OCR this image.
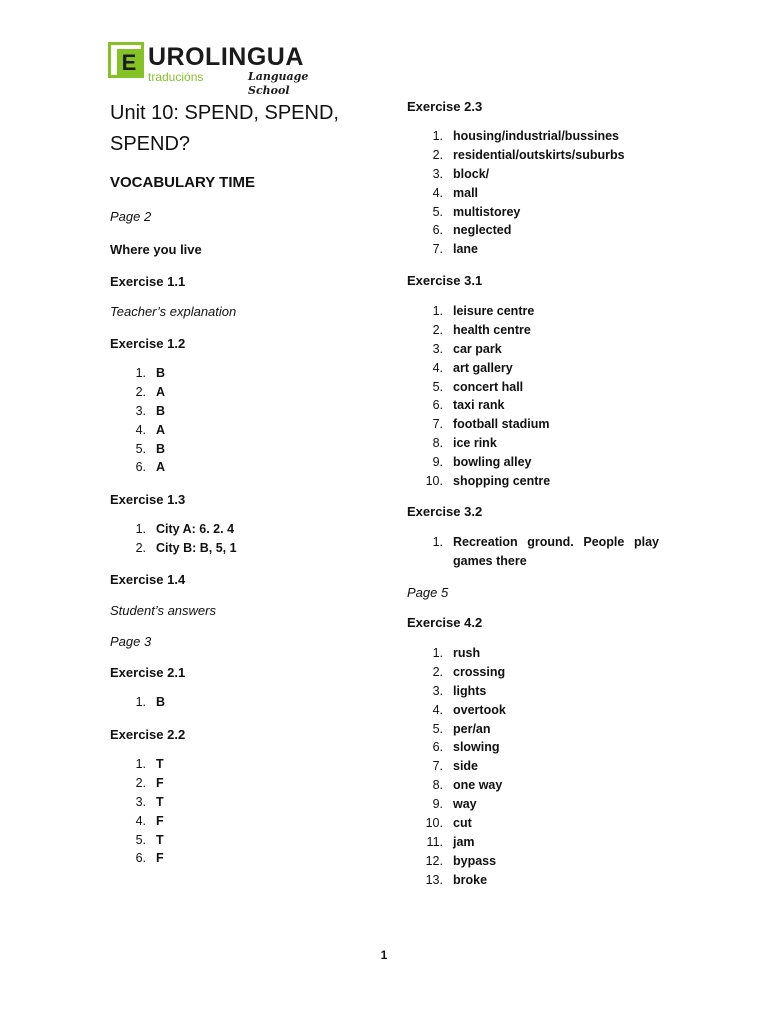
E UROLINGUA
traducións	Language School
Unit 10: SPEND, SPEND, SPEND?
VOCABULARY TIME
Page 2
Where you live
Exercise 1.1
Teacher’s explanation
Exercise 1.2
1. B
2. A
3. B
4. A
5. B
6. A
Exercise 1.3
1. City A: 6. 2. 4
2. City B: B, 5, 1
Exercise 1.4
Student’s answers
Page 3
Exercise 2.1
1. B
Exercise 2.2
1. T
2. F
3. T
4. F
5. T
6. F
Exercise 2.3
1. housing/industrial/bussines
2. residential/outskirts/suburbs
3. block/
4. mall
5. multistorey
6. neglected
7. lane
Exercise 3.1
1. leisure centre
2. health centre
3. car park
4. art gallery
5. concert hall
6. taxi rank
7. football stadium
8. ice rink
9. bowling alley
10. shopping centre
Exercise 3.2
1. Recreation ground. People play games there
Page 5
Exercise 4.2
1. rush
2. crossing
3. lights
4. overtook
5. per/an
6. slowing
7. side
8. one way
9. way
10. cut
11. jam
12. bypass
13. broke
1
